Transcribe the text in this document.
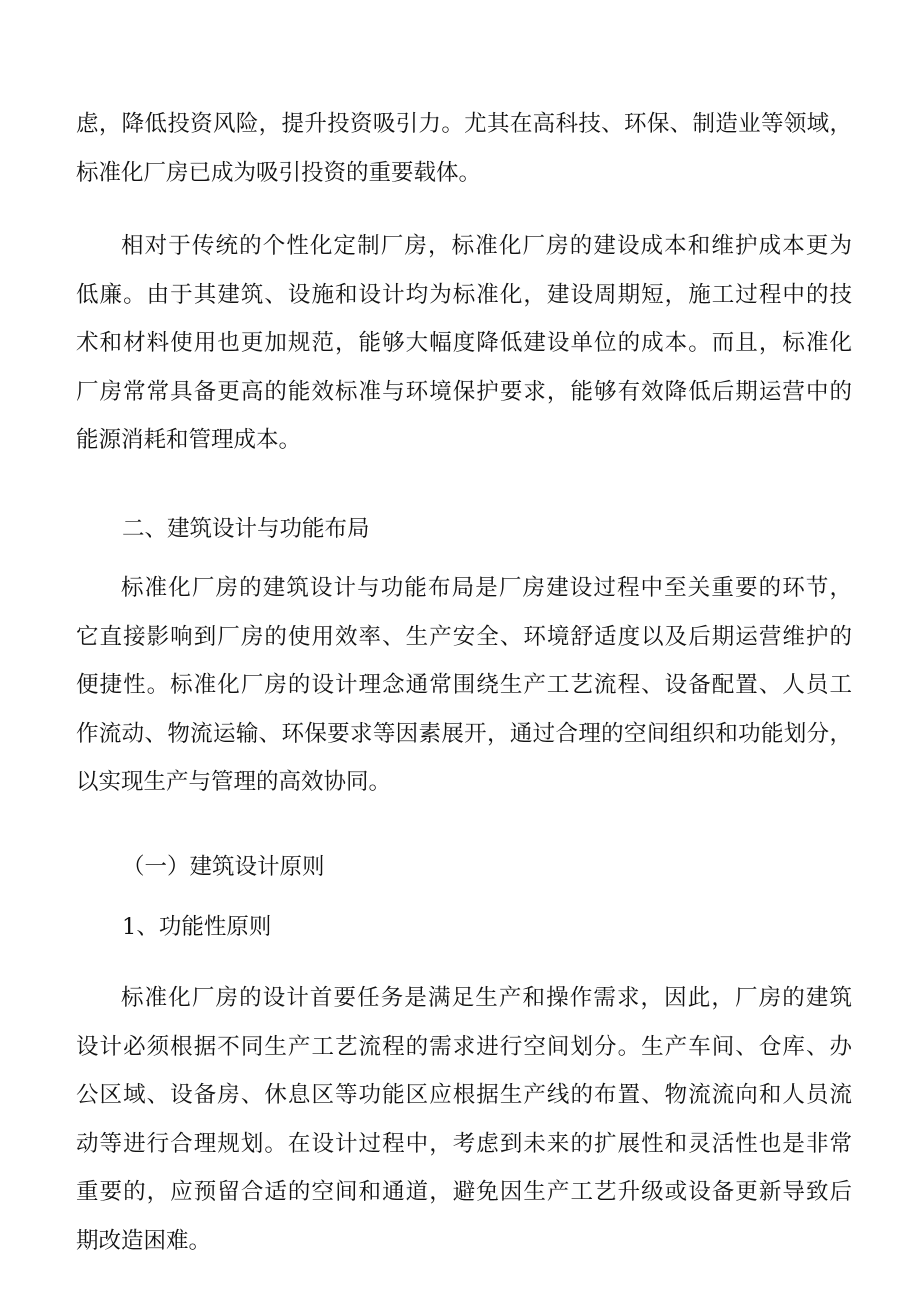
虑，降低投资风险，提升投资吸引力。尤其在高科技、环保、制造业等领域，
标准化厂房已成为吸引投资的重要载体。
相对于传统的个性化定制厂房，标准化厂房的建设成本和维护成本更为
低廉。由于其建筑、设施和设计均为标准化，建设周期短，施工过程中的技
术和材料使用也更加规范，能够大幅度降低建设单位的成本。而且，标准化
厂房常常具备更高的能效标准与环境保护要求，能够有效降低后期运营中的
能源消耗和管理成本。
二、建筑设计与功能布局
标准化厂房的建筑设计与功能布局是厂房建设过程中至关重要的环节，
它直接影响到厂房的使用效率、生产安全、环境舒适度以及后期运营维护的
便捷性。标准化厂房的设计理念通常围绕生产工艺流程、设备配置、人员工
作流动、物流运输、环保要求等因素展开，通过合理的空间组织和功能划分，
以实现生产与管理的高效协同。
（一）建筑设计原则
1、功能性原则
标准化厂房的设计首要任务是满足生产和操作需求，因此，厂房的建筑
设计必须根据不同生产工艺流程的需求进行空间划分。生产车间、仓库、办
公区域、设备房、休息区等功能区应根据生产线的布置、物流流向和人员流
动等进行合理规划。在设计过程中，考虑到未来的扩展性和灵活性也是非常
重要的，应预留合适的空间和通道，避免因生产工艺升级或设备更新导致后
期改造困难。
